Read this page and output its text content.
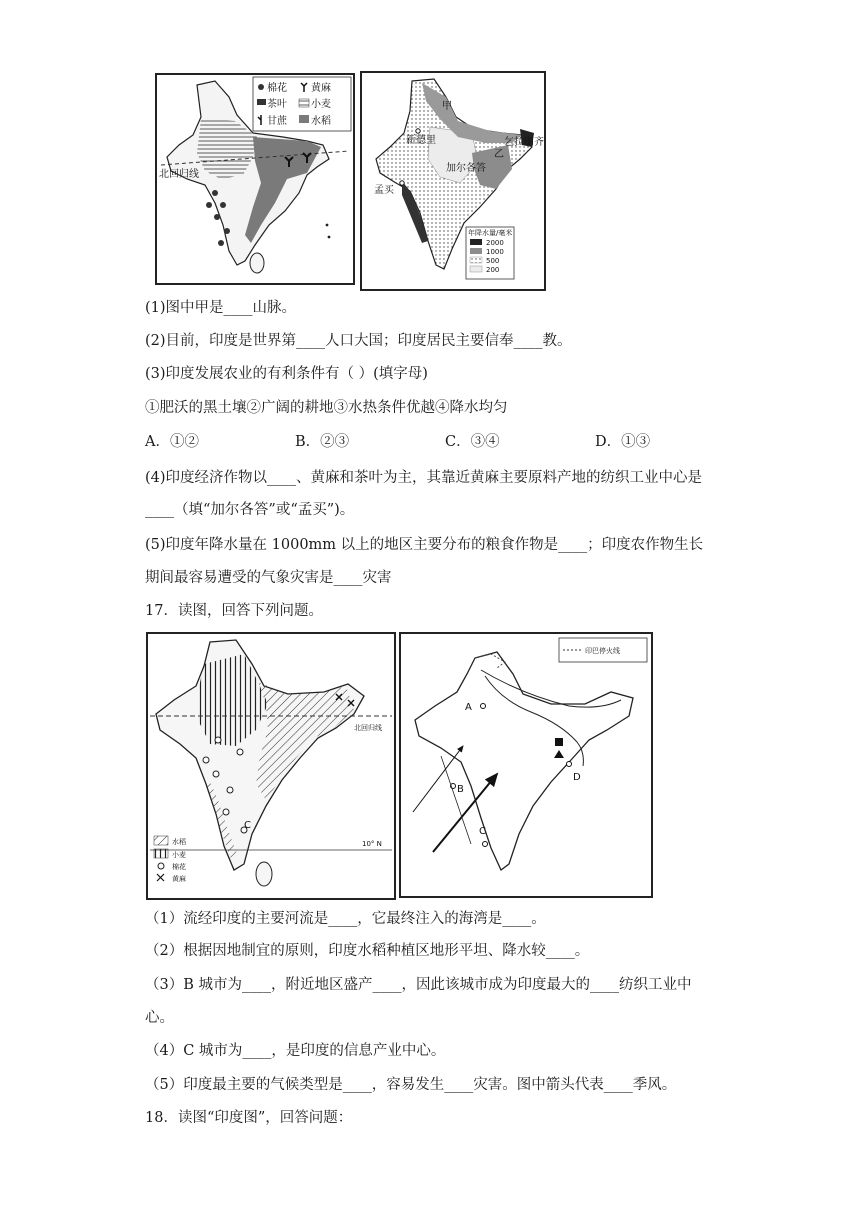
北回归线
棉花 黄麻
茶叶 小麦
甘蔗 水稻
新德里
甲
乙
加尔各答
乞拉朋齐
孟买
年降水量/毫米
2000
1000
500
200
(1)图中甲是____山脉。
(2)目前，印度是世界第____人口大国；印度居民主要信奉____教。
(3)印度发展农业的有利条件有（ ）(填字母)
①肥沃的黑土壤②广阔的耕地③水热条件优越④降水均匀
A．①②	B．②③	C．③④	D．①③
(4)印度经济作物以____、黄麻和茶叶为主，其靠近黄麻主要原料产地的纺织工业中心是
____（填“加尔各答”或“孟买”)。
(5)印度年降水量在 1000mm 以上的地区主要分布的粮食作物是____；印度农作物生长
期间最容易遭受的气象灾害是____灾害
17．读图，回答下列问题。
北回归线
10° N
C
水稻
小麦
棉花
黄麻
印巴停火线
A
B
C
D
（1）流经印度的主要河流是____，它最终注入的海湾是____。
（2）根据因地制宜的原则，印度水稻种植区地形平坦、降水较____。
（3）B 城市为____，附近地区盛产____，因此该城市成为印度最大的____纺织工业中
心。
（4）C 城市为____，是印度的信息产业中心。
（5）印度最主要的气候类型是____，容易发生____灾害。图中箭头代表____季风。
18．读图“印度图”，回答问题：
